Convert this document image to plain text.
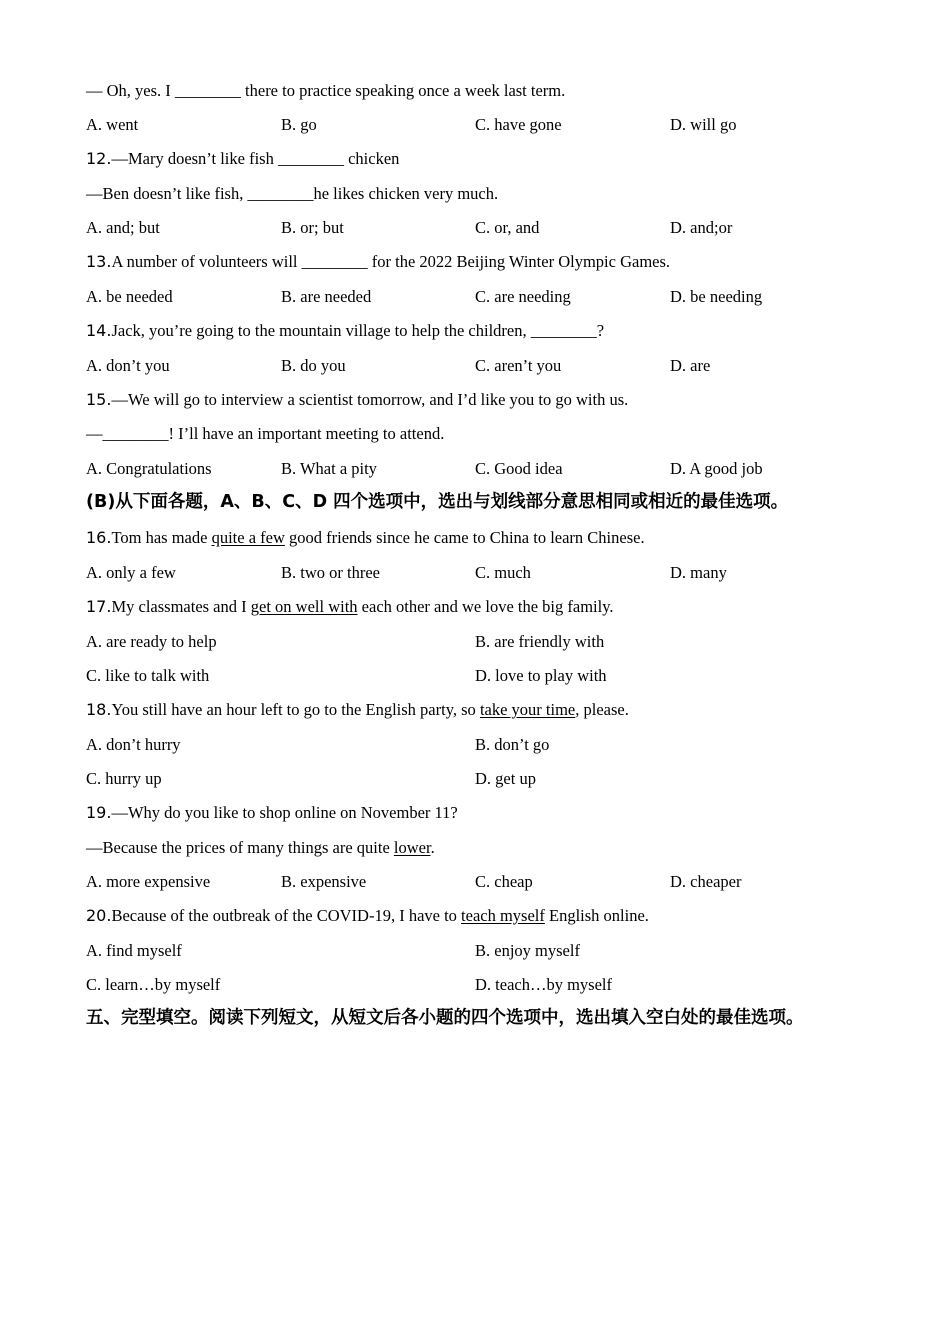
— Oh, yes. I ________ there to practice speaking once a week last term.
A. went	B. go	C. have gone	D. will go
12.—Mary doesn’t like fish ________ chicken
—Ben doesn’t like fish, ________he likes chicken very much.
A. and; but	B. or; but	C. or, and	D. and;or
13.A number of volunteers will ________ for the 2022 Beijing Winter Olympic Games.
A. be needed	B. are needed	C. are needing	D. be needing
14.Jack, you’re going to the mountain village to help the children, ________?
A. don’t you	B. do you	C. aren’t you	D. are
15.—We will go to interview a scientist tomorrow, and I’d like you to go with us.
—________! I’ll have an important meeting to attend.
A. Congratulations	B. What a pity	C. Good idea	D. A good job
(B)从下面各题，A、B、C、D 四个选项中，选出与划线部分意思相同或相近的最佳选项。
16.Tom has made quite a few good friends since he came to China to learn Chinese.
A. only a few	B. two or three	C. much	D. many
17.My classmates and I get on well with each other and we love the big family.
A. are ready to help	B. are friendly with
C. like to talk with	D. love to play with
18.You still have an hour left to go to the English party, so take your time, please.
A. don’t hurry	B. don’t go
C. hurry up	D. get up
19.—Why do you like to shop online on November 11?
—Because the prices of many things are quite lower.
A. more expensive	B. expensive	C. cheap	D. cheaper
20.Because of the outbreak of the COVID-19, I have to teach myself English online.
A. find myself	B. enjoy myself
C. learn…by myself	D. teach…by myself
五、完型填空。阅读下列短文，从短文后各小题的四个选项中，选出填入空白处的最佳选项。
